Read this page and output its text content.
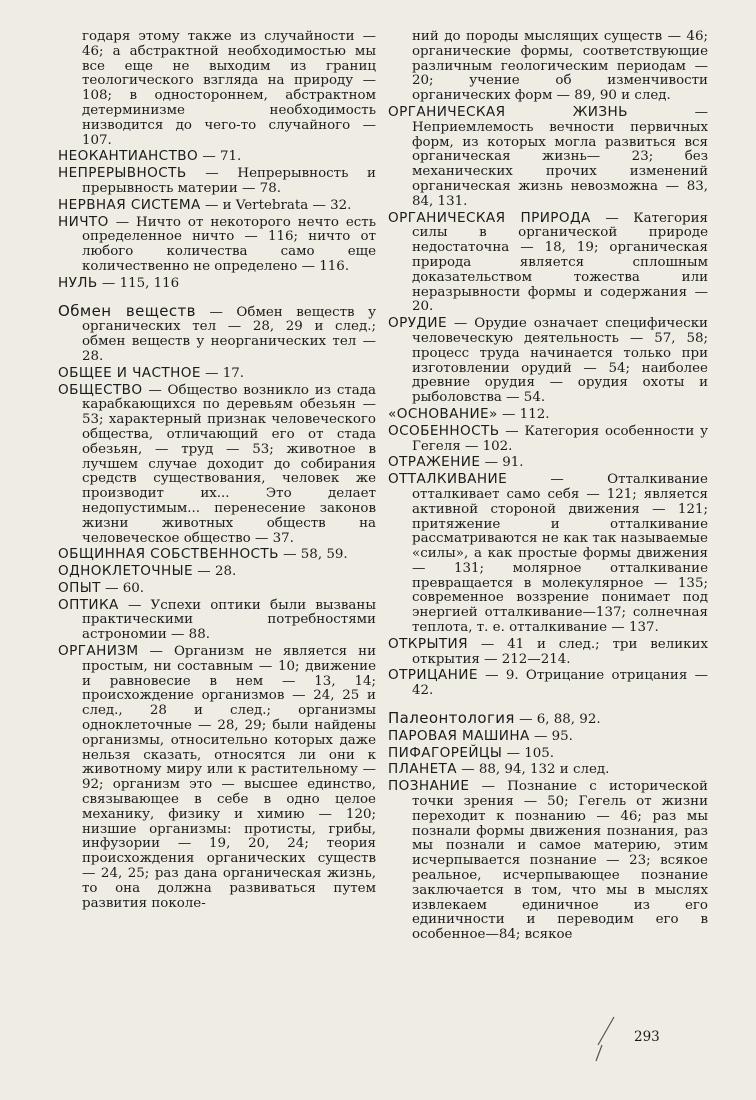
годаря этому также из случайности — 46; а абстрактной необходимостью мы все еще не выходим из границ теологического взгляда на природу — 108; в одностороннем, абстрактном детерминизме необходимость низводится до чего-то случайного — 107.

НЕОКАНТИАНСТВО — 71.

НЕПРЕРЫВНОСТЬ — Непрерывность и прерывность материи — 78.

НЕРВНАЯ СИСТЕМА — и Vertebrata — 32.

НИЧТО — Ничто от некоторого нечто есть определенное ничто — 116; ничто от любого количества само еще количественно не определено — 116.

НУЛЬ — 115, 116

Обмен веществ — Обмен веществ у органических тел — 28, 29 и след.; обмен веществ у неорганических тел — 28.

ОБЩЕЕ И ЧАСТНОЕ — 17.

ОБЩЕСТВО — Общество возникло из стада карабкающихся по деревьям обезьян — 53; характерный признак человеческого общества, отличающий его от стада обезьян, — труд — 53; животное в лучшем случае доходит до собирания средств существования, человек же производит их... Это делает недопустимым... перенесение законов жизни животных обществ на человеческое общество — 37.

ОБЩИННАЯ СОБСТВЕННОСТЬ — 58, 59.

ОДНОКЛЕТОЧНЫЕ — 28.

ОПЫТ — 60.

ОПТИКА — Успехи оптики были вызваны практическими потребностями астрономии — 88.

ОРГАНИЗМ — Организм не является ни простым, ни составным — 10; движение и равновесие в нем — 13, 14; происхождение организмов — 24, 25 и след., 28 и след.; организмы одноклеточные — 28, 29; были найдены организмы, относительно которых даже нельзя сказать, относятся ли они к животному миру или к растительному — 92; организм это — высшее единство, связывающее в себе в одно целое механику, физику и химию — 120; низшие организмы: протисты, грибы, инфузории — 19, 20, 24; теория происхождения органических существ — 24, 25; раз дана органическая жизнь, то она должна развиваться путем развития поколе-

ний до породы мыслящих существ — 46; органические формы, соответствующие различным геологическим периодам — 20; учение об изменчивости органических форм — 89, 90 и след.

ОРГАНИЧЕСКАЯ ЖИЗНЬ	— Неприемлемость вечности первичных форм, из которых могла развиться вся органическая жизнь— 23; без механических прочих изменений органическая жизнь невозможна — 83, 84, 131.

ОРГАНИЧЕСКАЯ ПРИРОДА — Категория силы в органической природе недостаточна — 18, 19; органическая природа является сплошным доказательством тожества или неразрывности формы и содержания — 20.

ОРУДИЕ — Орудие означает специфически человеческую деятельность — 57, 58; процесс труда начинается только при изготовлении орудий — 54; наиболее древние орудия — орудия охоты и рыболовства — 54.

«ОСНОВАНИЕ» — 112.

ОСОБЕННОСТЬ — Категория особенности у Гегеля — 102.

ОТРАЖЕНИЕ — 91.

ОТТАЛКИВАНИЕ	— Отталкивание отталкивает само себя — 121; является активной стороной движения — 121; притяжение и отталкивание рассматриваются не как так называемые «силы», а как простые формы движения — 131; молярное отталкивание превращается в молекулярное — 135; современное воззрение понимает под энергией отталкивание—137; солнечная теплота, т. е. отталкивание — 137.

ОТКРЫТИЯ — 41 и след.; три великих открытия — 212—214.

ОТРИЦАНИЕ — 9. Отрицание отрицания — 42.

Палеонтология — 6, 88, 92.

ПАРОВАЯ МАШИНА — 95.

ПИФАГОРЕЙЦЫ — 105.

ПЛАНЕТА — 88, 94, 132 и след.

ПОЗНАНИЕ — Познание с исторической точки зрения — 50; Гегель от жизни переходит к познанию — 46; раз мы познали формы движения познания, раз мы познали и самое материю, этим исчерпывается познание — 23; всякое реальное, исчерпывающее познание заключается в том, что мы в мыслях извлекаем единичное из его единичности и переводим его в особенное—84; всякое

293
